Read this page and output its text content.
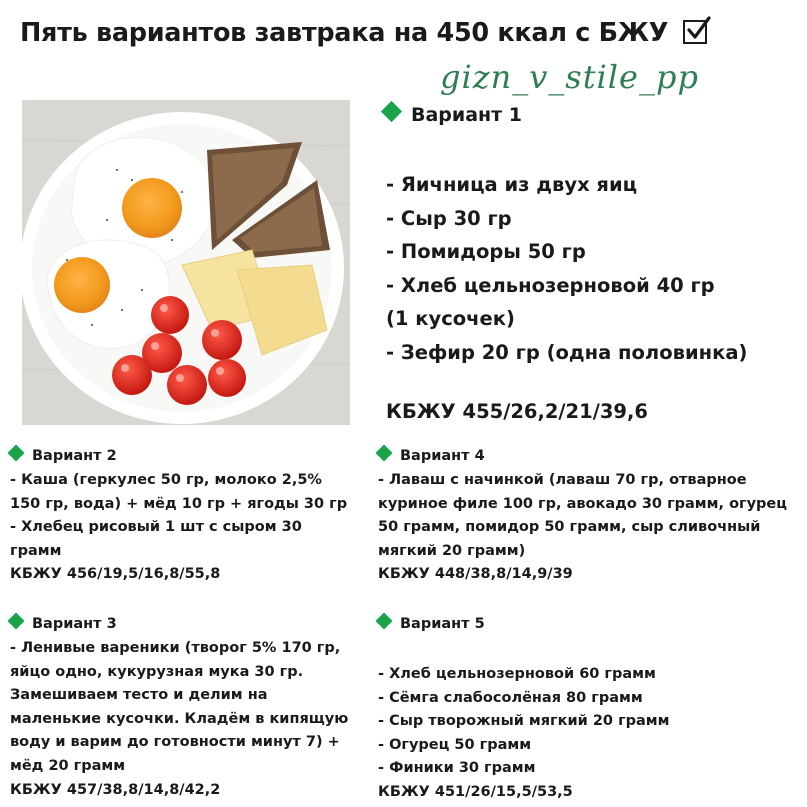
Пять вариантов завтрака на 450 ккал с БЖУ
gizn_v_stile_pp
Вариант 1
- Яичница из двух яиц
- Сыр 30 гр
- Помидоры 50 гр
- Хлеб цельнозерновой 40 гр
(1 кусочек)
- Зефир 20 гр (одна половинка)
КБЖУ 455/26,2/21/39,6
Вариант 2
- Каша (геркулес 50 гр, молоко 2,5%
150 гр, вода) + мёд 10 гр + ягоды 30 гр
- Хлебец рисовый 1 шт с сыром 30
грамм
КБЖУ 456/19,5/16,8/55,8
Вариант 3
- Ленивые вареники (творог 5% 170 гр,
яйцо одно, кукурузная мука 30 гр.
Замешиваем тесто и делим на
маленькие кусочки. Кладём в кипящую
воду и варим до готовности минут 7) +
мёд 20 грамм
КБЖУ 457/38,8/14,8/42,2
Вариант 4
- Лаваш с начинкой (лаваш 70 гр, отварное
куриное филе 100 гр, авокадо 30 грамм, огурец
50 грамм, помидор 50 грамм, сыр сливочный
мягкий 20 грамм)
КБЖУ 448/38,8/14,9/39
Вариант 5
- Хлеб цельнозерновой 60 грамм
- Сёмга слабосолёная 80 грамм
- Сыр творожный мягкий 20 грамм
- Огурец 50 грамм
- Финики 30 грамм
КБЖУ 451/26/15,5/53,5
